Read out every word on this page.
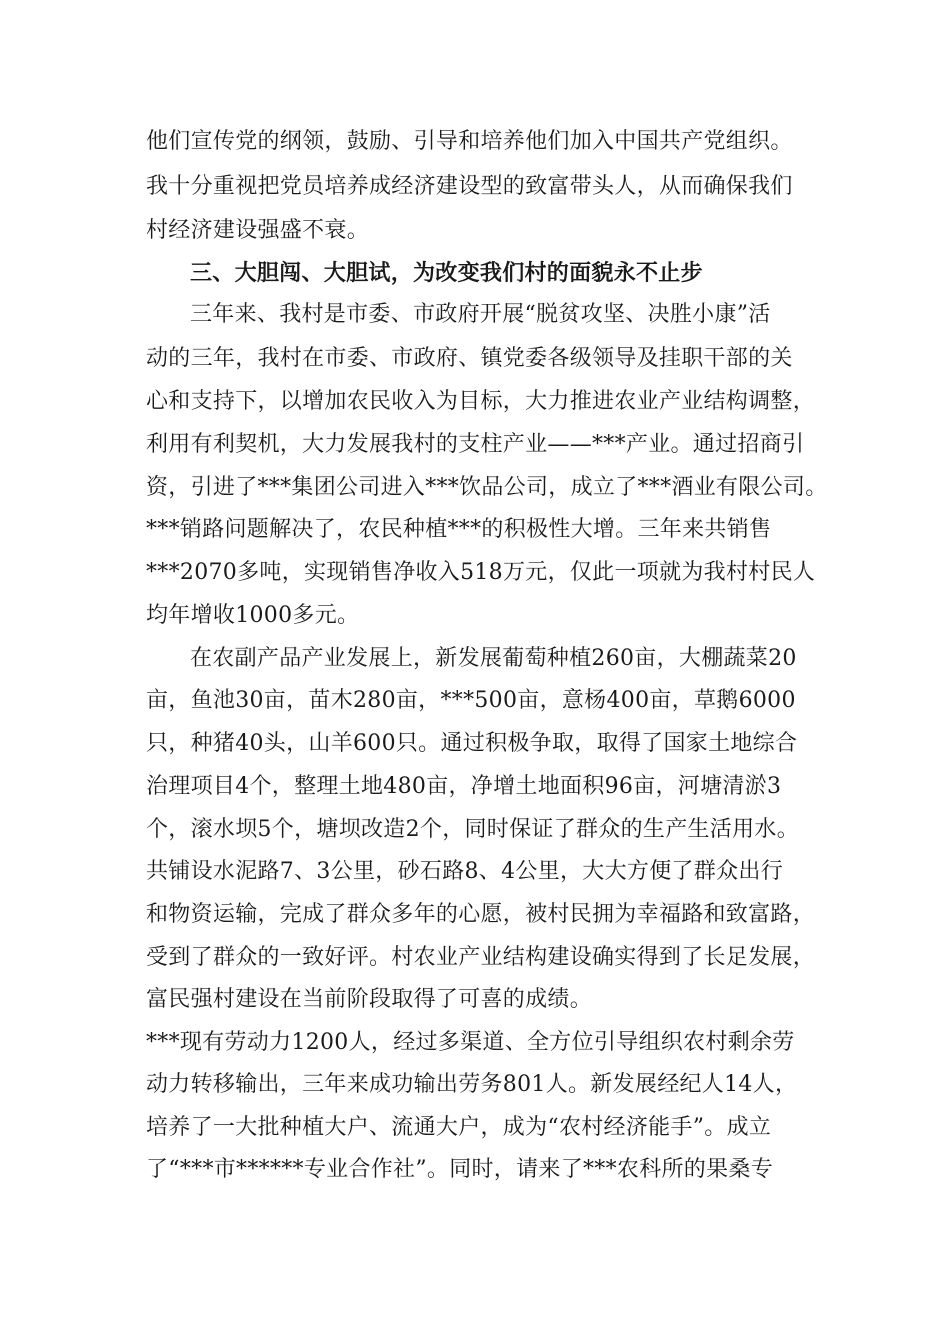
他们宣传党的纲领，鼓励、引导和培养他们加入中国共产党组织。
我十分重视把党员培养成经济建设型的致富带头人，从而确保我们
村经济建设强盛不衰。
三、大胆闯、大胆试，为改变我们村的面貌永不止步
三年来、我村是市委、市政府开展“脱贫攻坚、决胜小康”活
动的三年，我村在市委、市政府、镇党委各级领导及挂职干部的关
心和支持下，以增加农民收入为目标，大力推进农业产业结构调整，
利用有利契机，大力发展我村的支柱产业——***产业。通过招商引
资，引进了***集团公司进入***饮品公司，成立了***酒业有限公司。
***销路问题解决了，农民种植***的积极性大增。三年来共销售
***2070多吨，实现销售净收入518万元，仅此一项就为我村村民人
均年增收1000多元。
在农副产品产业发展上，新发展葡萄种植260亩，大棚蔬菜20
亩，鱼池30亩，苗木280亩，***500亩，意杨400亩，草鹅6000
只，种猪40头，山羊600只。通过积极争取，取得了国家土地综合
治理项目4个，整理土地480亩，净增土地面积96亩，河塘清淤3
个，滚水坝5个，塘坝改造2个，同时保证了群众的生产生活用水。
共铺设水泥路7、3公里，砂石路8、4公里，大大方便了群众出行
和物资运输，完成了群众多年的心愿，被村民拥为幸福路和致富路，
受到了群众的一致好评。村农业产业结构建设确实得到了长足发展，
富民强村建设在当前阶段取得了可喜的成绩。
***现有劳动力1200人，经过多渠道、全方位引导组织农村剩余劳
动力转移输出，三年来成功输出劳务801人。新发展经纪人14人，
培养了一大批种植大户、流通大户，成为“农村经济能手”。成立
了“***市******专业合作社”。同时，请来了***农科所的果桑专
